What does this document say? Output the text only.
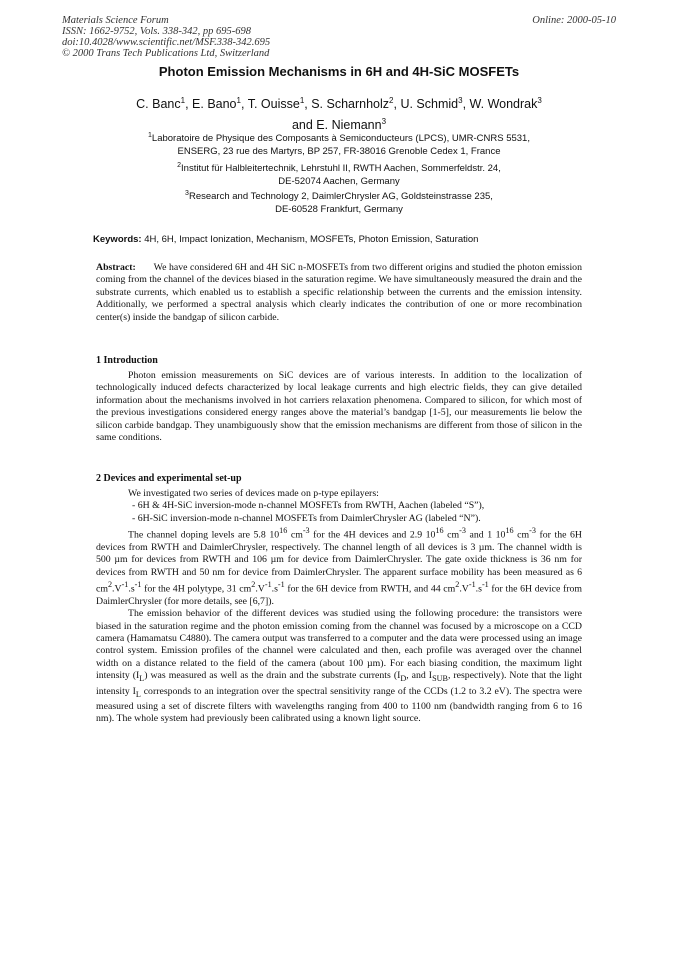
Materials Science Forum
ISSN: 1662-9752, Vols. 338-342, pp 695-698
doi:10.4028/www.scientific.net/MSF.338-342.695
© 2000 Trans Tech Publications Ltd, Switzerland
Online: 2000-05-10
Photon Emission Mechanisms in 6H and 4H-SiC MOSFETs
C. Banc$^1$, E. Bano$^1$, T. Ouisse$^1$, S. Scharnholz$^2$, U. Schmid$^3$, W. Wondrak$^3$
and E. Niemann$^3$
$^1$Laboratoire de Physique des Composants à Semiconducteurs (LPCS), UMR-CNRS 5531,
ENSERG, 23 rue des Martyrs, BP 257, FR-38016 Grenoble Cedex 1, France
$^2$Institut für Halbleitertechnik, Lehrstuhl II, RWTH Aachen, Sommerfeldstr. 24,
DE-52074 Aachen, Germany
$^3$Research and Technology 2, DaimlerChrysler AG, Goldsteinstrasse 235,
DE-60528 Frankfurt, Germany
Keywords: 4H, 6H, Impact Ionization, Mechanism, MOSFETs, Photon Emission, Saturation

Abstract: We have considered 6H and 4H SiC n-MOSFETs from two different origins and studied the photon emission coming from the channel of the devices biased in the saturation regime. We have simultaneously measured the drain and the substrate currents, which enabled us to establish a specific relationship between the currents and the emission intensity. Additionally, we performed a spectral analysis which clearly indicates the contribution of one or more recombination center(s) inside the bandgap of silicon carbide.

1 Introduction

Photon emission measurements on SiC devices are of various interests. In addition to the localization of technologically induced defects characterized by local leakage currents and high electric fields, they can give detailed information about the mechanisms involved in hot carriers relaxation phenomena. Compared to silicon, for which most of the previous investigations considered energy ranges above the material’s bandgap [1-5], our measurements lie below the silicon carbide bandgap. They unambiguously show that the emission mechanisms are different from those of silicon in the same conditions.

2 Devices and experimental set-up

We investigated two series of devices made on p-type epilayers:

- 6H & 4H-SiC inversion-mode n-channel MOSFETs from RWTH, Aachen (labeled “S”),

- 6H-SiC inversion-mode n-channel MOSFETs from DaimlerChrysler AG (labeled “N”).

The channel doping levels are 5.8 $10^{16}$ $cm^{-3}$ for the 4H devices and 2.9 $10^{16}$ $cm^{-3}$ and 1 $10^{16}$ $cm^{-3}$ for the 6H devices from RWTH and DaimlerChrysler, respectively. The channel length of all devices is 3 µm. The channel width is 500 µm for devices from RWTH and 106 µm for device from DaimlerChrysler. The gate oxide thickness is 36 nm for devices from RWTH and 50 nm for device from DaimlerChrysler. The apparent surface mobility has been measured as 6 $cm^2.V^{-1}.s^{-1}$ for the 4H polytype, 31 $cm^2.V^{-1}.s^{-1}$ for the 6H device from RWTH, and 44 $cm^2.V^{-1}.s^{-1}$ for the 6H device from DaimlerChrysler (for more details, see [6,7]).

The emission behavior of the different devices was studied using the following procedure: the transistors were biased in the saturation regime and the photon emission coming from the channel was focused by a microscope on a CCD camera (Hamamatsu C4880). The camera output was transferred to a computer and the data were processed using an image control system. Emission profiles of the channel were calculated and then, each profile was averaged over the channel width on a distance related to the field of the camera (about 100 µm). For each biasing condition, the maximum light intensity $(I_L)$ was measured as well as the drain and the substrate currents ($I_D$, and $I_{SUB}$, respectively). Note that the light intensity $I_L$ corresponds to an integration over the spectral sensitivity range of the CCDs (1.2 to 3.2 eV). The spectra were measured using a set of discrete filters with wavelengths ranging from 400 to 1100 nm (bandwidth ranging from 6 to 16 nm). The whole system had previously been calibrated using a known light source.
